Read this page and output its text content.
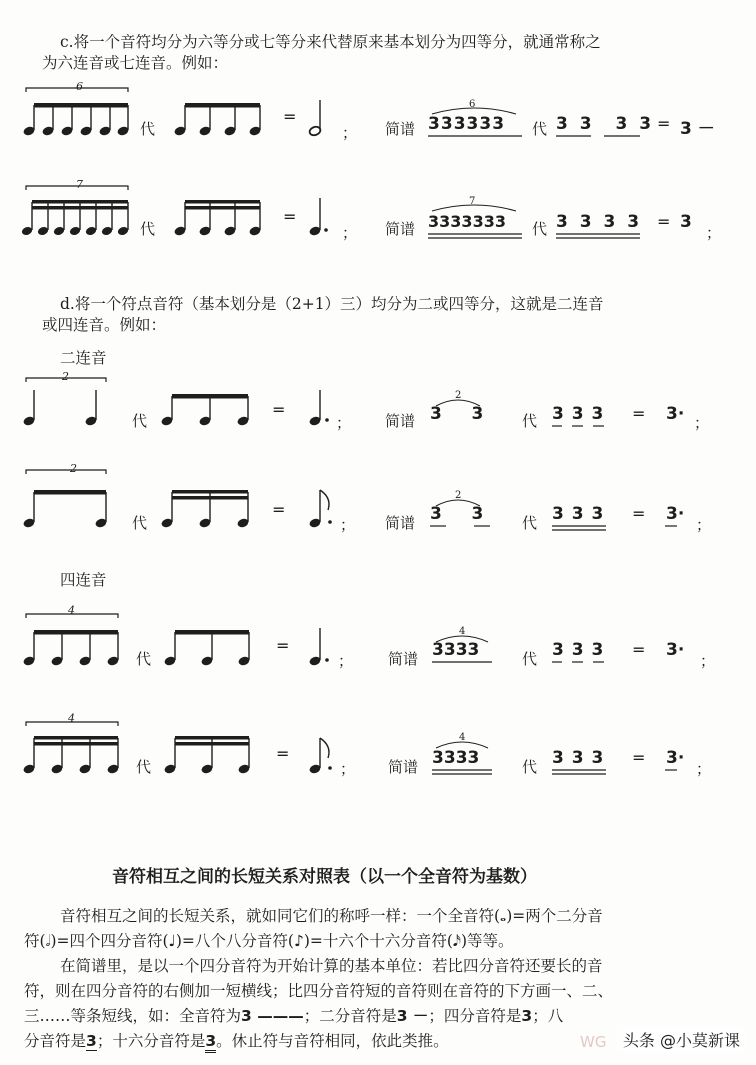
c.将一个音符均分为六等分或七等分来代替原来基本划分为四等分，就通常称之
为六连音或七连音。例如：
6
代
=
； 简谱
6
333333 代 3 3 3 3 = 3 －
7
代
=
； 简谱
7
3333333 代 3 3 3 3 = 3
；
d.将一个符点音符（基本划分是（2+1）三）均分为二或四等分，这就是二连音
或四连音。例如：
二连音
2
代
=
； 简谱
2
3 3	代 3 3 3 = 3· ；
2
代
=
； 简谱
2
3 3	代 3 3 3 = 3·
；
四连音
4
代
=
； 简谱
4
3333	代 3 3 3 = 3·
；
4
代
=
； 简谱
4
3333	代 3 3 3 = 3·
；
音符相互之间的长短关系对照表（以一个全音符为基数）
音符相互之间的长短关系，就如同它们的称呼一样：一个全音符(𝅝)=两个二分音
符(𝅗𝅥)=四个四分音符(♩)=八个八分音符(♪)=十六个十六分音符(𝅘𝅥𝅯)等等。
在简谱里，是以一个四分音符为开始计算的基本单位：若比四分音符还要长的音
符，则在四分音符的右侧加一短横线；比四分音符短的音符则在音符的下方画一、二、
三……等条短线，如：全音符为3 ———；二分音符是3 －；四分音符是3；八
分音符是3；十六分音符是3。休止符与音符相同，依此类推。	WG	头条 @小莫新课
